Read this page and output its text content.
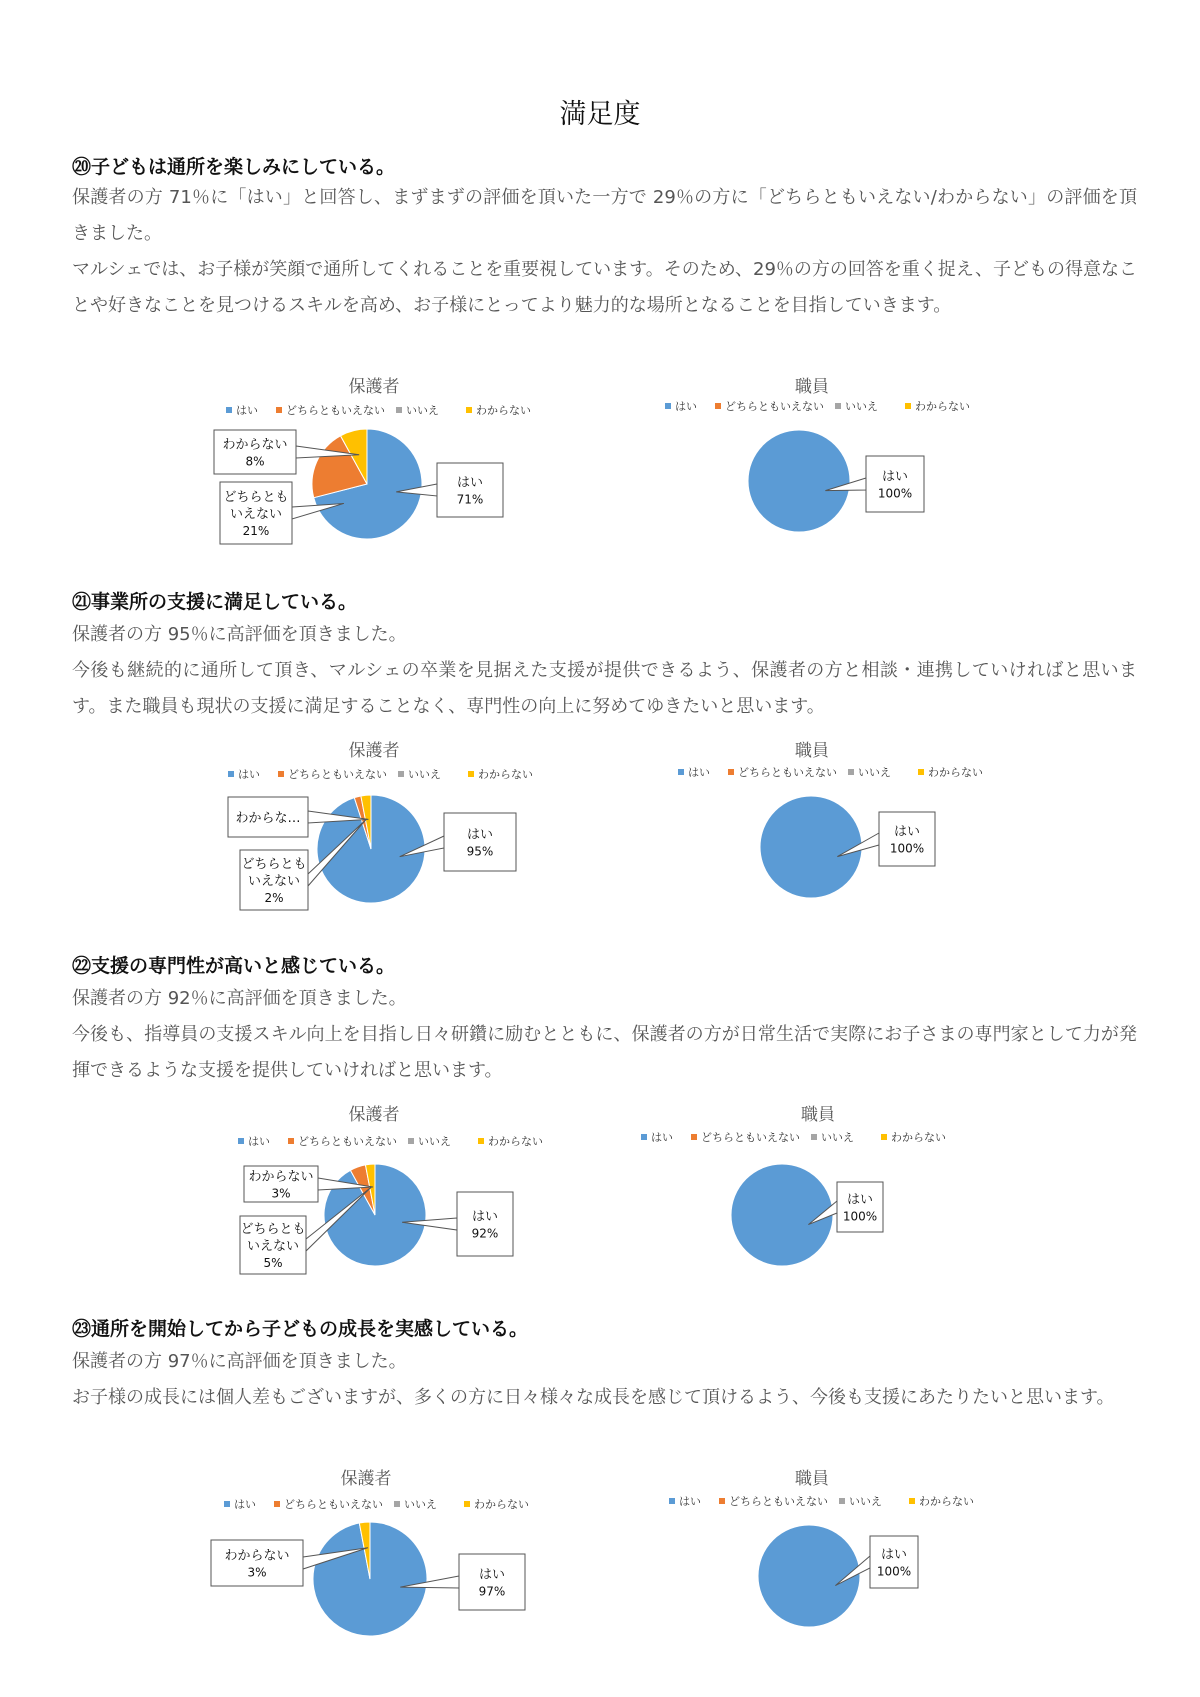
満足度
⑳子どもは通所を楽しみにしている。

保護者の方 71％に「はい」と回答し、まずまずの評価を頂いた一方で 29％の方に「どちらともいえない/わからない」の評価を頂きました。

マルシェでは、お子様が笑顔で通所してくれることを重要視しています。そのため、29％の方の回答を重く捉え、子どもの得意なことや好きなことを見つけるスキルを高め、お子様にとってより魅力的な場所となることを目指していきます。

保護者	職員
㉑事業所の支援に満足している。

保護者の方 95％に高評価を頂きました。

今後も継続的に通所して頂き、マルシェの卒業を見据えた支援が提供できるよう、保護者の方と相談・連携していければと思います。また職員も現状の支援に満足することなく、専門性の向上に努めてゆきたいと思います。

保護者	職員
㉒支援の専門性が高いと感じている。

保護者の方 92％に高評価を頂きました。

今後も、指導員の支援スキル向上を目指し日々研鑽に励むとともに、保護者の方が日常生活で実際にお子さまの専門家として力が発揮できるような支援を提供していければと思います。

保護者	職員
㉓通所を開始してから子どもの成長を実感している。

保護者の方 97％に高評価を頂きました。

お子様の成長には個人差もございますが、多くの方に日々様々な成長を感じて頂けるよう、今後も支援にあたりたいと思います。

保護者	職員
はい	どちらともいえない いいえ	わからない
はい
71%
どちらとも
いえない
21%
わからない
8%
はい	どちらともいえない いいえ	わからない
はい
100%
はい	どちらともいえない いいえ	わからない
はい
95%
どちらとも
いえない
2%
わからな…
はい	どちらともいえない いいえ	わからない
はい
100%
はい	どちらともいえない いいえ	わからない
はい
92%
どちらとも
いえない
5%
わからない
3%
はい	どちらともいえない いいえ	わからない
はい
100%
はい	どちらともいえない いいえ	わからない
はい
97%
わからない
3%
はい	どちらともいえない いいえ	わからない
はい
100%
